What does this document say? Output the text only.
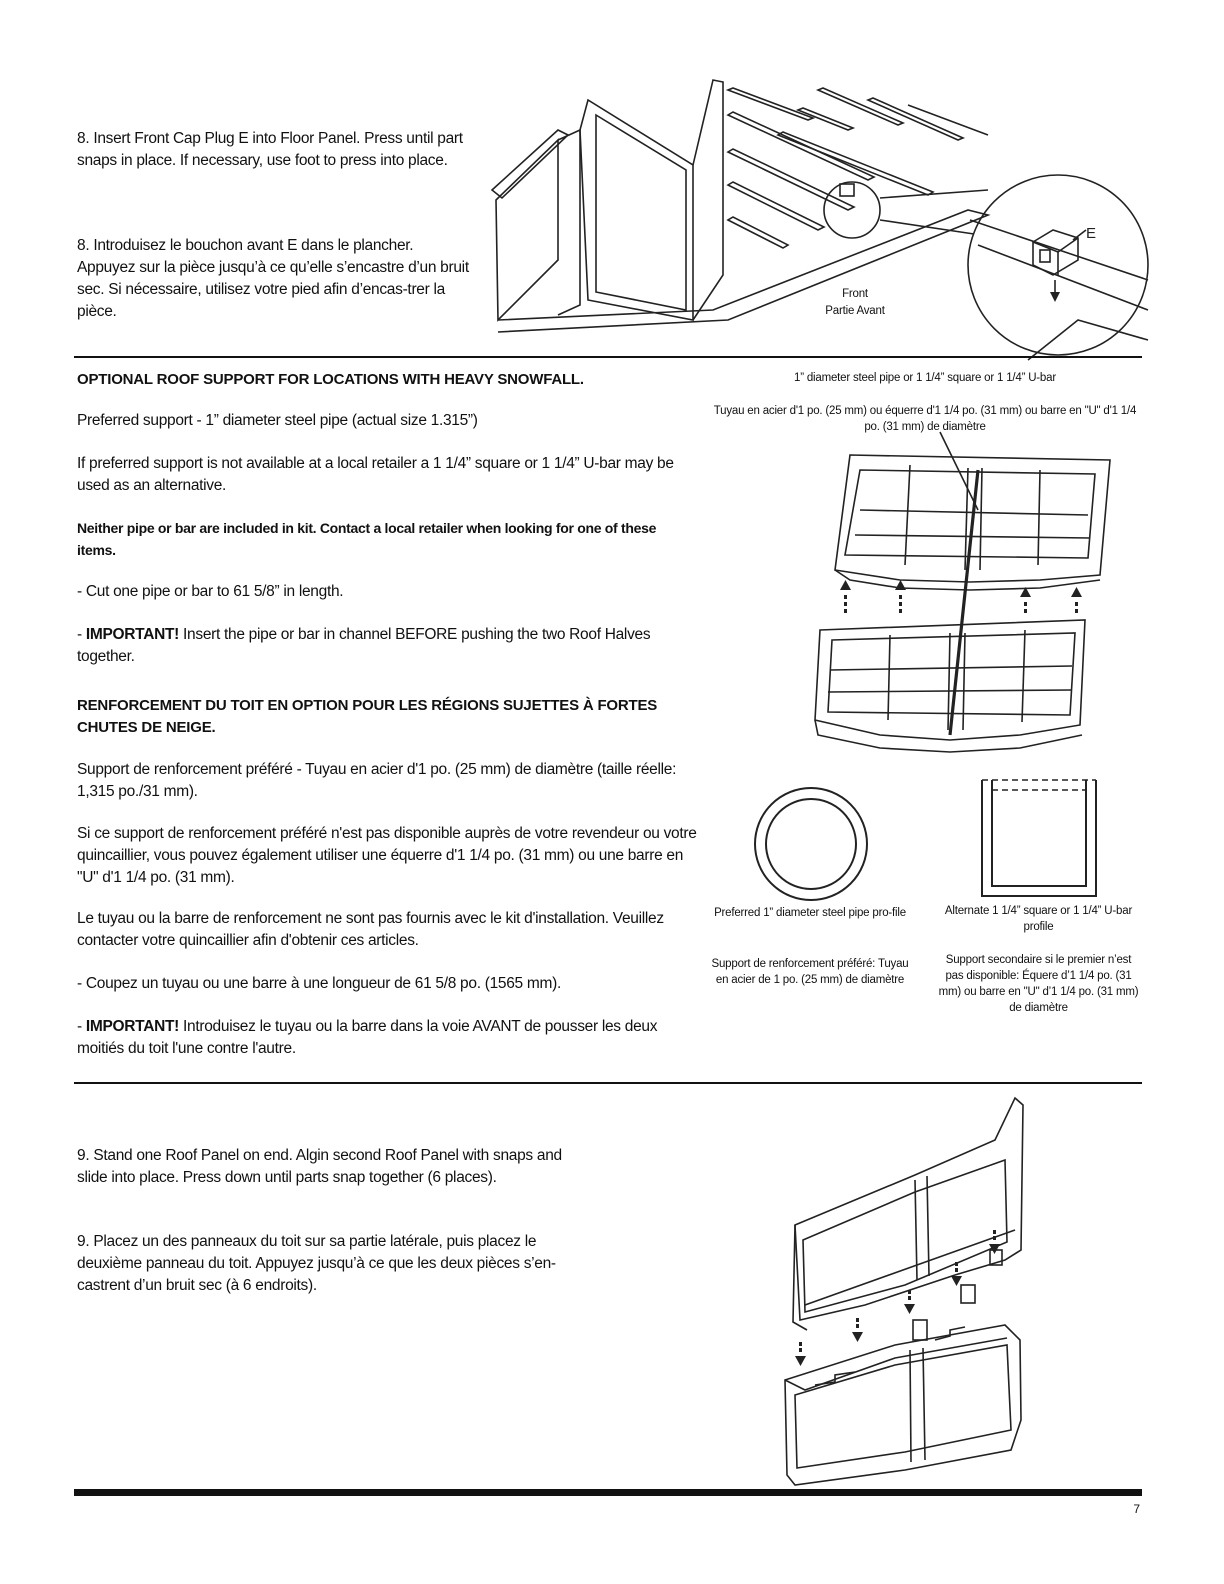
8. Insert Front Cap Plug E into Floor Panel. Press until part snaps in place. If necessary, use foot to press into place.

8. Introduisez le bouchon avant E dans le plancher. Appuyez sur la pièce jusqu’à ce qu’elle s’encastre d’un bruit sec. Si nécessaire, utilisez votre pied afin d’encas-trer la pièce.

E
Front
Partie Avant

OPTIONAL ROOF SUPPORT FOR LOCATIONS WITH HEAVY SNOWFALL.

Preferred support - 1” diameter steel pipe (actual size 1.315”)

If preferred support is not available at a local retailer a 1 1/4” square or 1 1/4” U-bar may be used as an alternative.

Neither pipe or bar are included in kit. Contact a local retailer when looking for one of these items.

- Cut one pipe or bar to 61 5/8” in length.

- IMPORTANT! Insert the pipe or bar in channel BEFORE pushing the two Roof Halves together.

RENFORCEMENT DU TOIT EN OPTION POUR LES RÉGIONS SUJETTES À FORTES CHUTES DE NEIGE.

Support de renforcement préféré - Tuyau en acier d'1 po. (25 mm) de diamètre (taille réelle: 1,315 po./31 mm).

Si ce support de renforcement préféré n'est pas disponible auprès de votre revendeur ou votre quincaillier, vous pouvez également utiliser une équerre d'1 1/4 po. (31 mm) ou une barre en "U" d'1 1/4 po. (31 mm).

Le tuyau ou la barre de renforcement ne sont pas fournis avec le kit d'installation. Veuillez contacter votre quincaillier afin d'obtenir ces articles.

- Coupez un tuyau ou une barre à une longueur de 61 5/8 po. (1565 mm).

- IMPORTANT! Introduisez le tuyau ou la barre dans la voie AVANT de pousser les deux moitiés du toit l'une contre l'autre.

1” diameter steel pipe or 1 1/4” square or 1 1/4” U-bar
Tuyau en acier d'1 po. (25 mm) ou équerre d'1 1/4 po. (31 mm) ou barre en "U" d'1 1/4 po. (31 mm) de diamètre
Preferred 1” diameter steel pipe pro-file
Support de renforcement préféré: Tuyau en acier de 1 po. (25 mm) de diamètre
Alternate 1 1/4” square or 1 1/4” U-bar profile
Support secondaire si le premier n’est pas disponible: Équere d’1 1/4 po. (31 mm) ou barre en "U" d’1 1/4 po. (31 mm) de diamètre

9. Stand one Roof Panel on end. Algin second Roof Panel with snaps and slide into place. Press down until parts snap together (6 places).

9. Placez un des panneaux du toit sur sa partie latérale, puis placez le deuxième panneau du toit. Appuyez jusqu’à ce que les deux pièces s’en-castrent d’un bruit sec (à 6 endroits).

7
